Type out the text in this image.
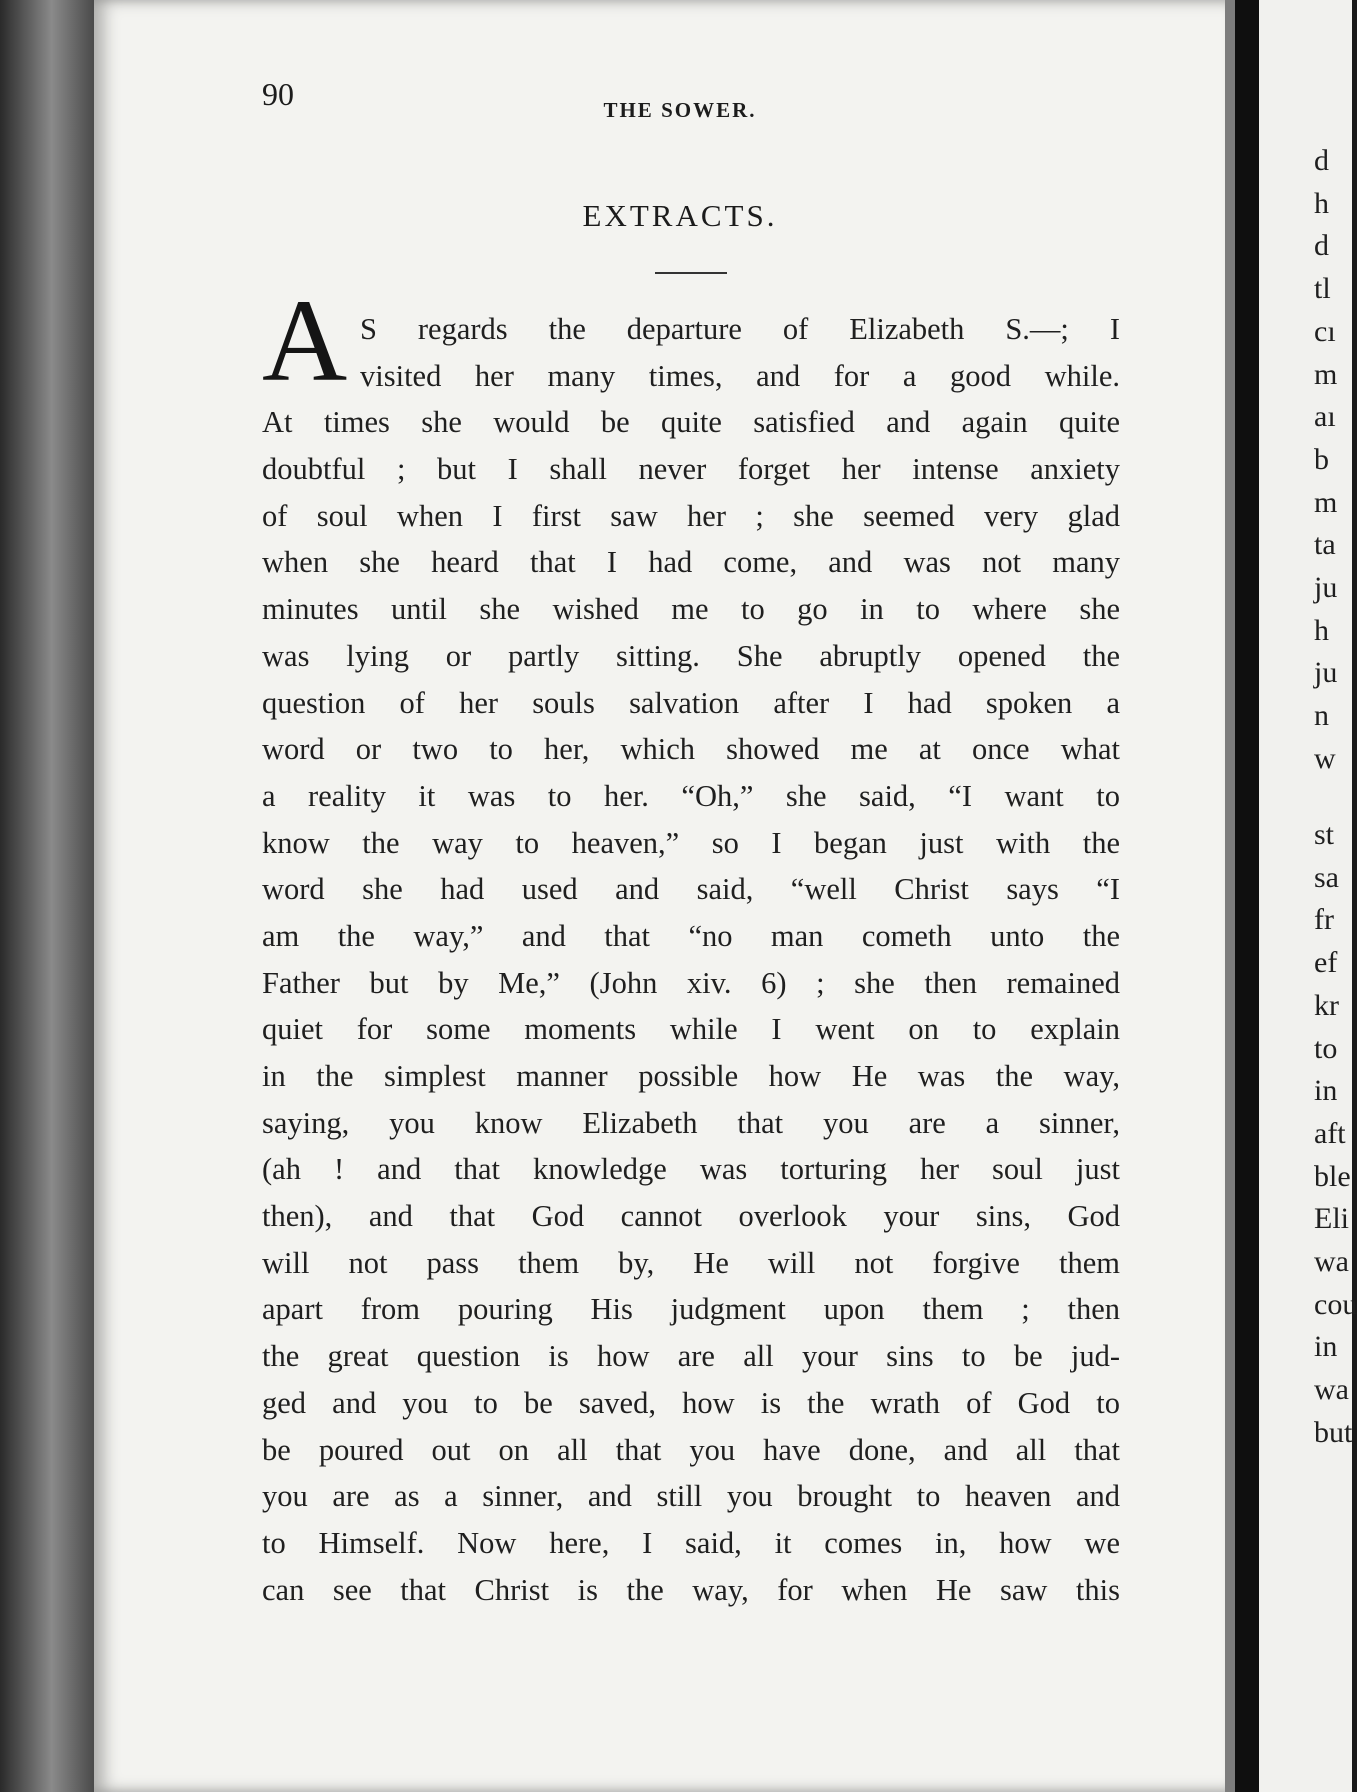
90	THE SOWER.
EXTRACTS.
A S regards the departure of Elizabeth S.—; I
visited her many times, and for a good while.
At times she would be quite satisfied and again quite
doubtful ; but I shall never forget her intense anxiety
of soul when I first saw her ; she seemed very glad
when she heard that I had come, and was not many
minutes until she wished me to go in to where she
was lying or partly sitting. She abruptly opened the
question of her souls salvation after I had spoken a
word or two to her, which showed me at once what
a reality it was to her. “Oh,” she said, “I want to
know the way to heaven,” so I began just with the
word she had used and said, “well Christ says “I
am the way,” and that “no man cometh unto the
Father but by Me,” (John xiv. 6) ; she then remained
quiet for some moments while I went on to explain
in the simplest manner possible how He was the way,
saying, you know Elizabeth that you are a sinner,
(ah ! and that knowledge was torturing her soul just
then), and that God cannot overlook your sins, God
will not pass them by, He will not forgive them
apart from pouring His judgment upon them ; then
the great question is how are all your sins to be jud-
ged and you to be saved, how is the wrath of God to
be poured out on all that you have done, and all that
you are as a sinner, and still you brought to heaven and
to Himself. Now here, I said, it comes in, how we
can see that Christ is the way, for when He saw this
d
h
d
tl
cı
m
aı
b
m
ta
ju
h
ju
n
w
st
sa
fr
ef
kr
to
in
aft
ble
Eli
wa
cou
in
wa
but
